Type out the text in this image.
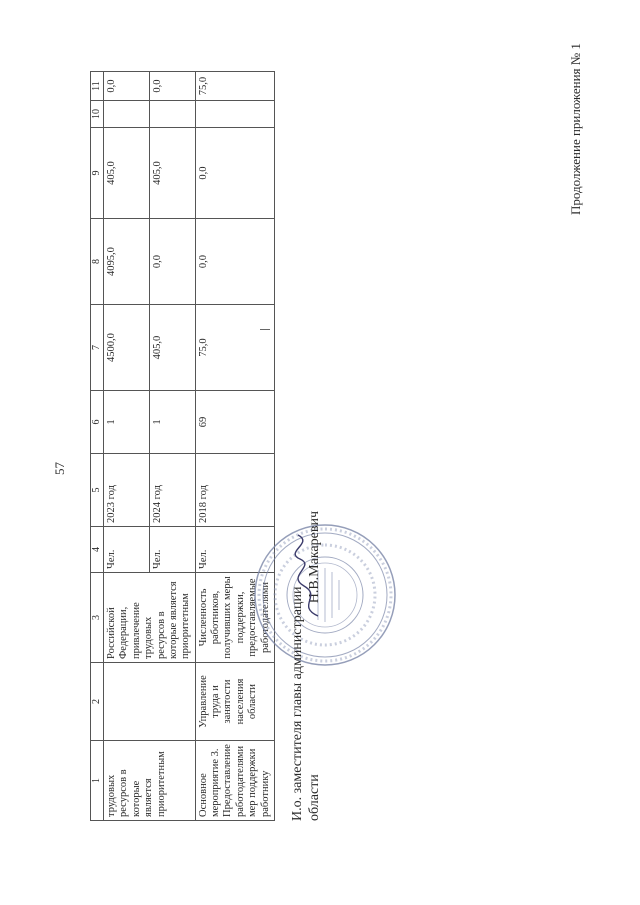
57
Продолжение приложения № 1
1	2	3	4	5	6	7	8	9	10	11
трудовых ресурсов в которые является приоритетным		Российской Федерации, привлечение трудовых ресурсов в которые является приоритетным	Чел.	2023 год	1	4500,0	4095,0	405,0		0,0
			Чел.	2024 год	1	405,0	0,0	405,0		0,0
Основное мероприятие 3. Предоставление работодателями мер поддержки работнику	Управление труда и занятости населения области	Численность работников, получивших меры поддержки, предоставляемые работодателями	Чел.	2018 год	69	75,0	0,0	0,0		75,0
И.о. заместителя главы администрации области
Н.В.Макаревич
